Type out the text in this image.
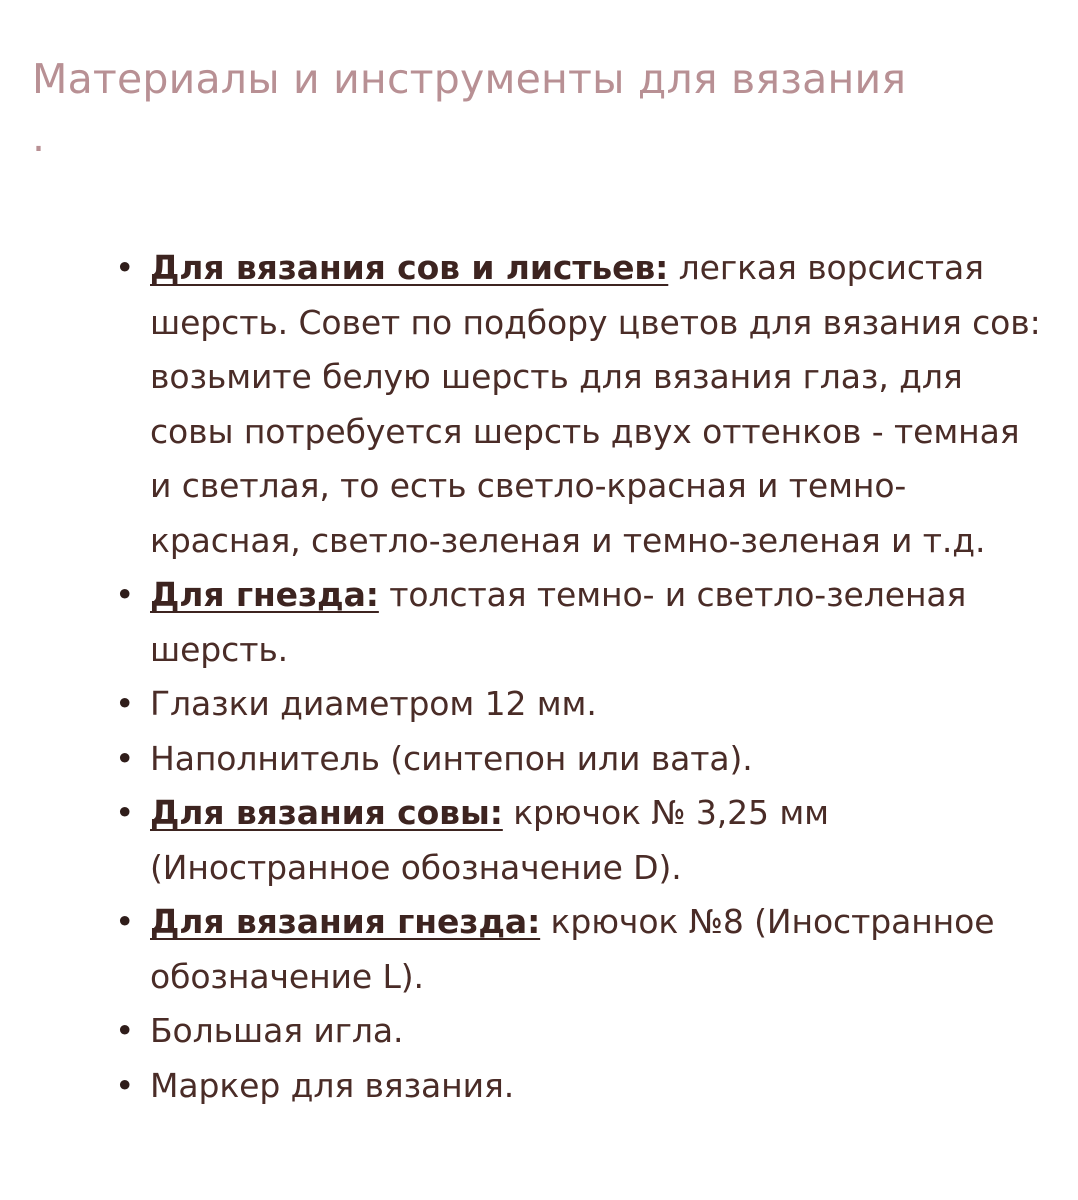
Материалы и инструменты для вязания .
• Для вязания сов и листьев: легкая ворсистая шерсть. Совет по подбору цветов для вязания сов: возьмите белую шерсть для вязания глаз, для совы потребуется шерсть двух оттенков - темная и светлая, то есть светло-красная и темно- красная, светло-зеленая и темно-зеленая и т.д.
• Для гнезда: толстая темно- и светло-зеленая шерсть.
• Глазки диаметром 12 мм.
• Наполнитель (синтепон или вата).
• Для вязания совы: крючок № 3,25 мм (Иностранное обозначение D).
• Для вязания гнезда: крючок №8 (Иностранное обозначение L).
• Большая игла.
• Маркер для вязания.
